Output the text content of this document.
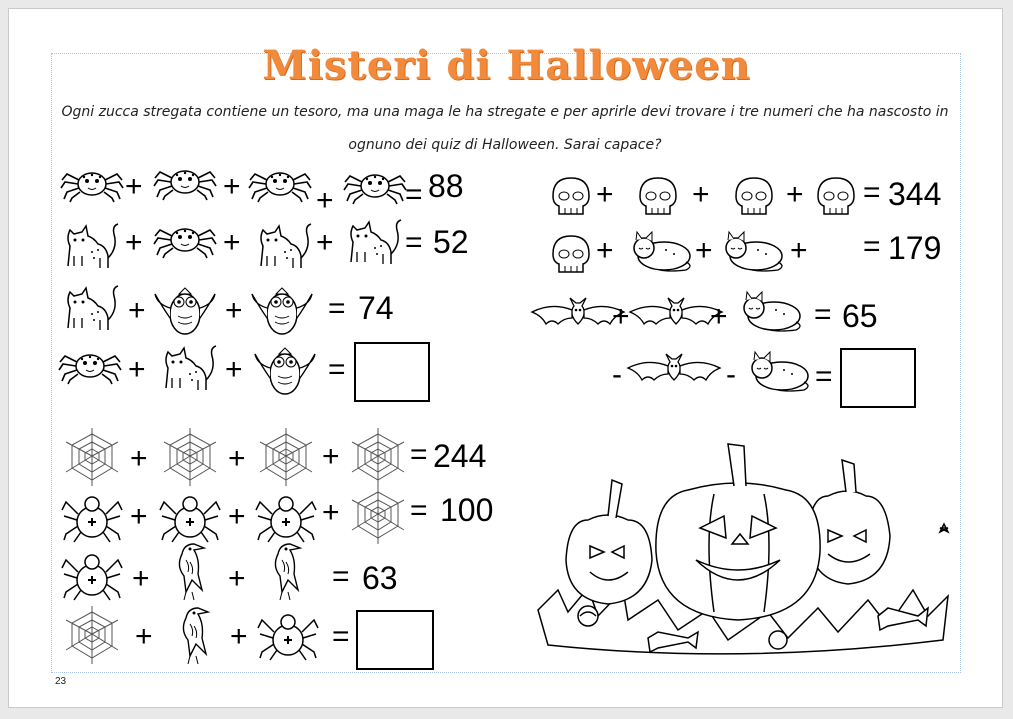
Misteri di Halloween
Ogni zucca stregata contiene un tesoro, ma una maga le ha stregate e per aprirle devi trovare i tre numeri che ha nascosto in ognuno dei quiz di Halloween. Sarai capace?
23
+	+	+ = 88
+	+	+ = 52
+	+	= 74
+	+	=
+	+	+ = 344
+	+	+ = 179
+	+	= 65
-	-	=
+	+	+ = 244
+	+	+ = 100
+	+	= 63
+	+	=
